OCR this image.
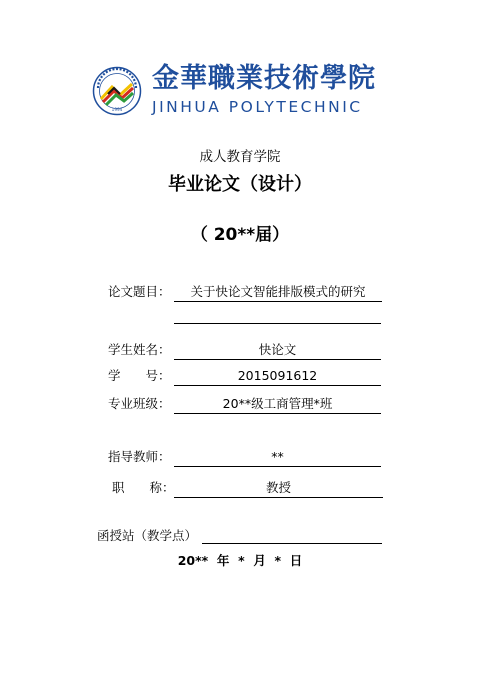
1994
金華職業技術學院
JINHUA POLYTECHNIC
成人教育学院
毕业论文（设计）
（ 20**届）
论文题目：	关于快论文智能排版模式的研究
学生姓名：	快论文
学　　号：	2015091612
专业班级：	20**级工商管理*班
指导教师：	**
职　　称：	教授
函授站（教学点）
20**  年  *  月  *  日
